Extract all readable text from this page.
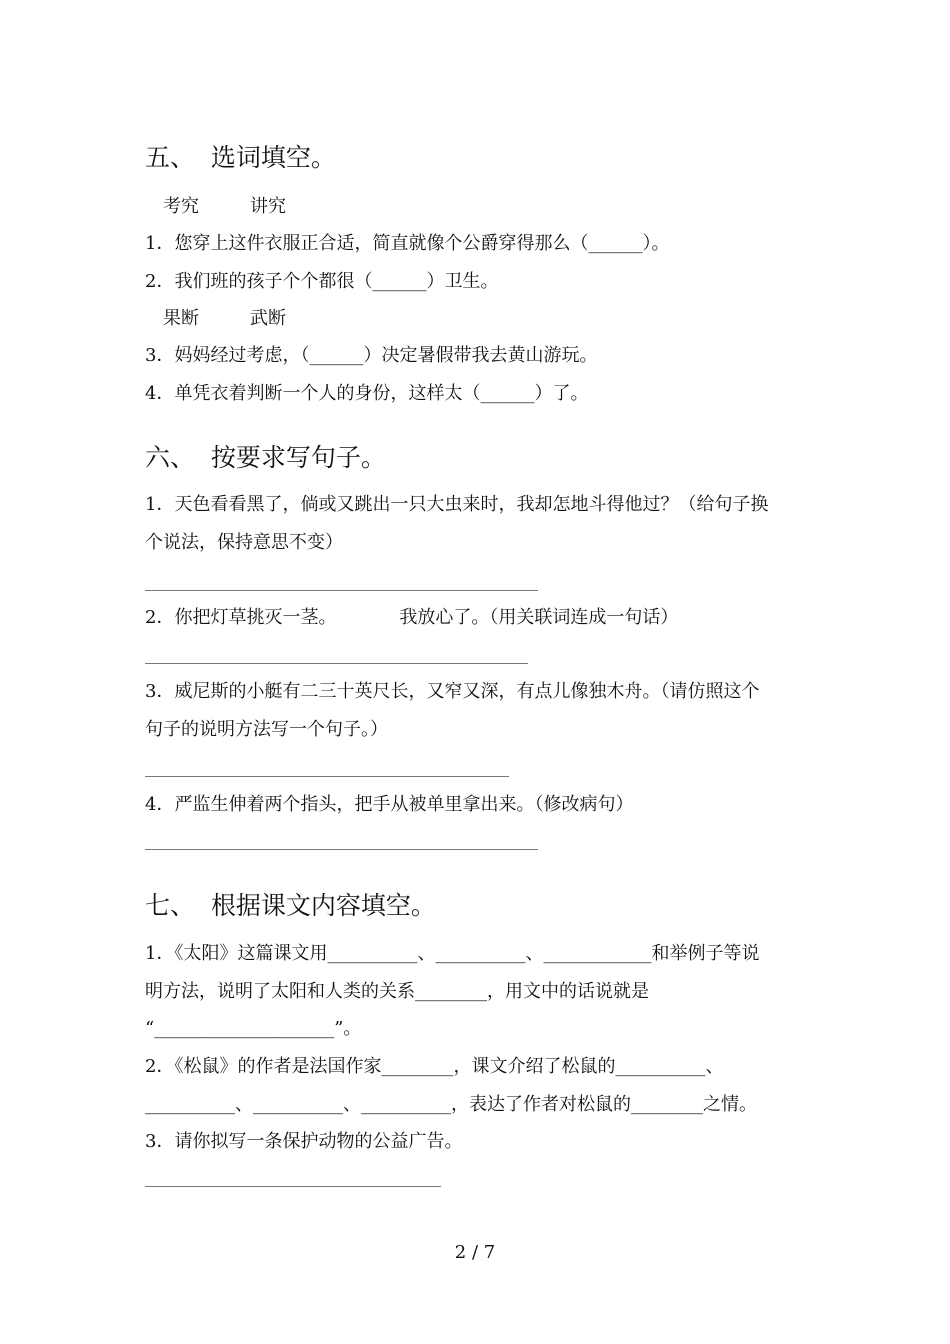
五、  选词填空。
考究	讲究
1．您穿上这件衣服正合适，简直就像个公爵穿得那么（______）。
2．我们班的孩子个个都很（______）卫生。
果断	武断
3．妈妈经过考虑，（______）决定暑假带我去黄山游玩。
4．单凭衣着判断一个人的身份，这样太（______）了。
六、  按要求写句子。
1．天色看看黑了，倘或又跳出一只大虫来时，我却怎地斗得他过？（给句子换
个说法，保持意思不变）
2．你把灯草挑灭一茎。           我放心了。（用关联词连成一句话）
3．威尼斯的小艇有二三十英尺长，又窄又深，有点儿像独木舟。（请仿照这个
句子的说明方法写一个句子。）
4．严监生伸着两个指头，把手从被单里拿出来。（修改病句）
七、  根据课文内容填空。
1．《太阳》这篇课文用__________、__________、____________和举例子等说
明方法，说明了太阳和人类的关系________，用文中的话说就是
“____________________”。
2．《松鼠》的作者是法国作家________，课文介绍了松鼠的__________、
__________、__________、__________，表达了作者对松鼠的________之情。
3．请你拟写一条保护动物的公益广告。
2 / 7
